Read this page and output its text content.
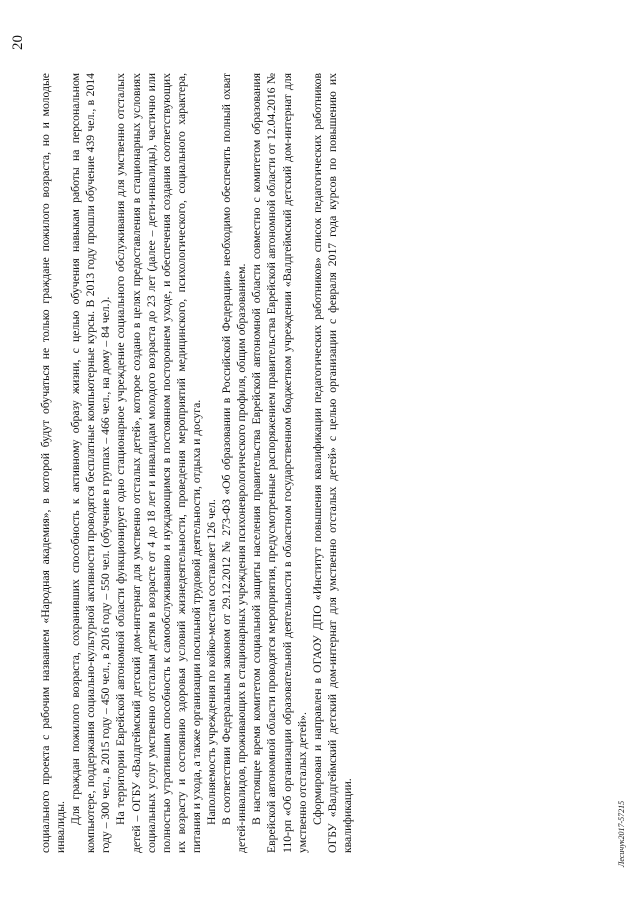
20

социального проекта с рабочим названием «Народная академия», в которой будут обучаться не только граждане пожилого возраста, но и молодые инвалиды.

Для граждан пожилого возраста, сохранивших способность к активному образу жизни, с целью обучения навыкам работы на персональном компьютере, поддержания социально-культурной активности проводятся бесплатные компьютерные курсы. В 2013 году прошли обучение 439 чел., в 2014 году – 300 чел., в 2015 году – 450 чел., в 2016 году – 550 чел. (обучение в группах – 466 чел., на дому – 84 чел.). На территории Еврейской автономной области функционирует одно стационарное учреждение социального обслуживания для умственно отсталых детей – ОГБУ «Валдгеймский детский дом-интернат для умственно отсталых детей», которое создано в целях предоставления в стационарных условиях социальных услуг умственно отсталым детям в возрасте от 4 до 18 лет и инвалидам молодого возраста до 23 лет (далее – дети-инвалиды), частично или полностью утратившим способность к самообслуживанию и нуждающимся в постоянном постороннем уходе, и обеспечения создания соответствующих их возрасту и состоянию здоровья условий жизнедеятельности, проведения мероприятий медицинского, психологического, социального характера, питания и ухода, а также организации посильной трудовой деятельности, отдыха и досуга. Наполняемость учреждения по койко-местам составляет 126 чел. В соответствии Федеральным законом от 29.12.2012 № 273-ФЗ «Об образовании в Российской Федерации» необходимо обеспечить полный охват детей-инвалидов, проживающих в стационарных учреждения психоневрологического профиля, общим образованием. В настоящее время комитетом социальной защиты населения правительства Еврейской автономной области совместно с комитетом образования Еврейской автономной области проводятся мероприятия, предусмотренные распоряжением правительства Еврейской автономной области от 12.04.2016 № 110-рп «Об организации образовательной деятельности в областном государственном бюджетном учреждении «Валдгеймский детский дом-интернат для умственно отсталых детей». Сформирован и направлен в ОГАОУ ДПО «Институт повышения квалификации педагогических работников» список педагогических работников ОГБУ «Валдгеймский детский дом-интернат для умственно отсталых детей» с целью организации с февраля 2017 года курсов по повышению их квалификации.	Лесичук2017-57215
